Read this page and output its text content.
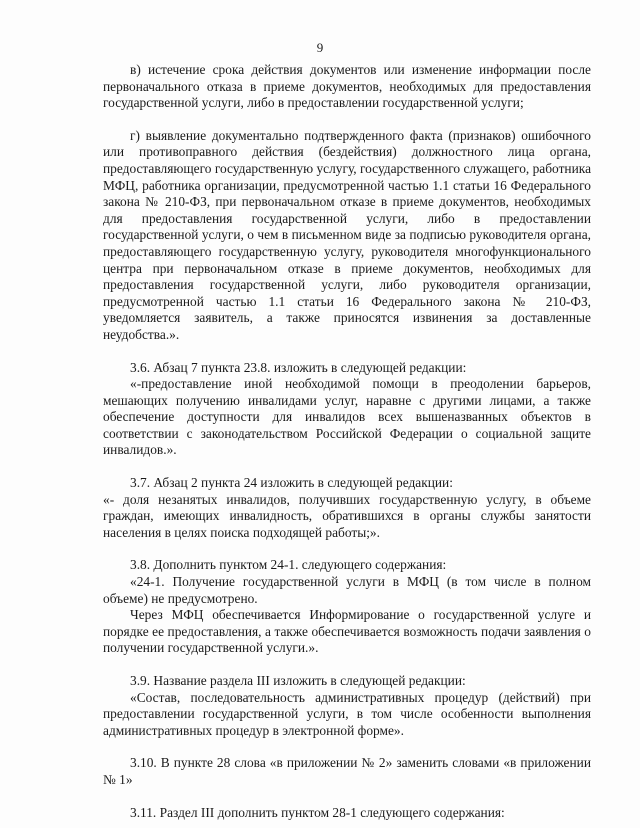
9

в) истечение срока действия документов или изменение информации после первоначального отказа в приеме документов, необходимых для предоставления государственной услуги, либо в предоставлении государственной услуги;

г) выявление документально подтвержденного факта (признаков) ошибочного или противоправного действия (бездействия) должностного лица органа, предоставляющего государственную услугу, государственного служащего, работника МФЦ, работника организации, предусмотренной частью 1.1 статьи 16 Федерального закона № 210-ФЗ, при первоначальном отказе в приеме документов, необходимых для предоставления государственной услуги, либо в предоставлении государственной услуги, о чем в письменном виде за подписью руководителя органа, предоставляющего государственную услугу, руководителя многофункционального центра при первоначальном отказе в приеме документов, необходимых для предоставления государственной услуги, либо руководителя организации, предусмотренной частью 1.1 статьи 16 Федерального закона № 210-ФЗ, уведомляется заявитель, а также приносятся извинения за доставленные неудобства.».

3.6. Абзац 7 пункта 23.8. изложить в следующей редакции:

«-предоставление иной необходимой помощи в преодолении барьеров, мешающих получению инвалидами услуг, наравне с другими лицами, а также обеспечение доступности для инвалидов всех вышеназванных объектов в соответствии с законодательством Российской Федерации о социальной защите инвалидов.».

3.7. Абзац 2 пункта 24 изложить в следующей редакции:

«- доля незанятых инвалидов, получивших государственную услугу, в объеме граждан, имеющих инвалидность, обратившихся в органы службы занятости населения в целях поиска подходящей работы;».

3.8. Дополнить пунктом 24-1. следующего содержания:

«24-1. Получение государственной услуги в МФЦ (в том числе в полном объеме) не предусмотрено.

Через МФЦ обеспечивается Информирование о государственной услуге и порядке ее предоставления, а также обеспечивается возможность подачи заявления о получении государственной услуги.».

3.9. Название раздела III изложить в следующей редакции:

«Состав, последовательность административных процедур (действий) при предоставлении государственной услуги, в том числе особенности выполнения административных процедур в электронной форме».

3.10. В пункте 28 слова «в приложении № 2» заменить словами «в приложении № 1»

3.11. Раздел III дополнить пунктом 28-1 следующего содержания:
